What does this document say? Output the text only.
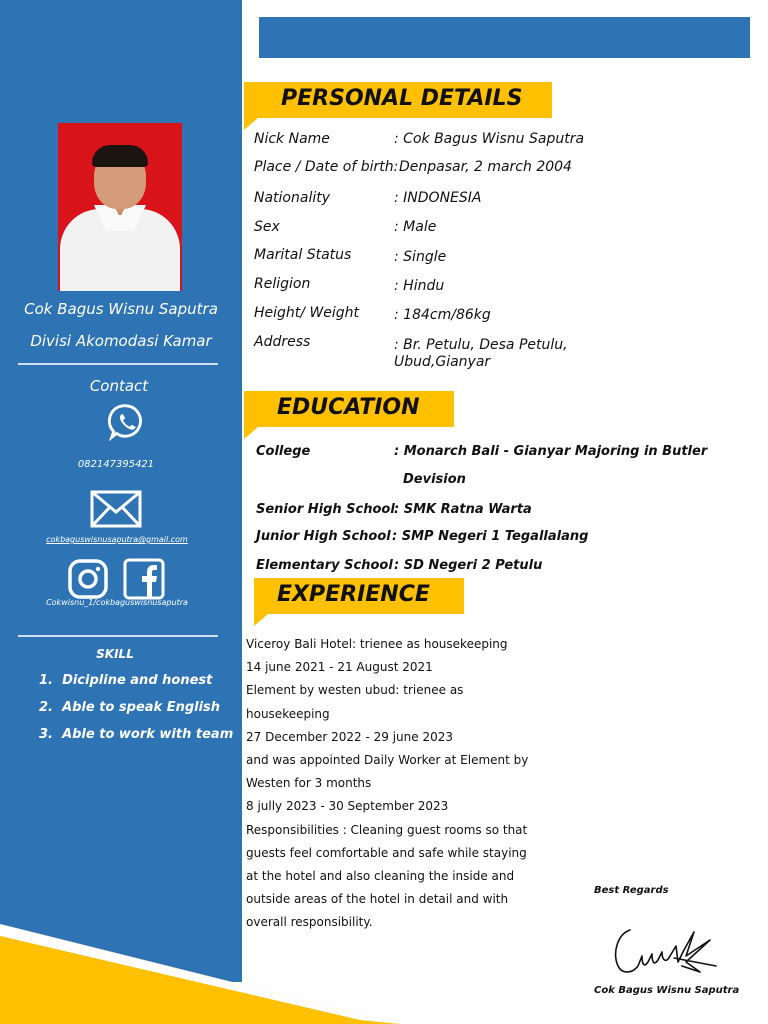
Cok Bagus Wisnu Saputra
Divisi Akomodasi Kamar
Contact
082147395421
cokbaguswisnusaputra@gmail.com
Cokwisnu_1/cokbaguswisnusaputra
SKILL
1. Dicipline and honest
2. Able to speak English
3. Able to work with team
PERSONAL DETAILS
Nick Name	: Cok Bagus Wisnu Saputra
Place / Date of birth: Denpasar, 2 march 2004
Nationality	: INDONESIA
Sex	: Male
Marital Status	: Single
Religion	: Hindu
Height/ Weight : 184cm/86kg
Address	: Br. Petulu, Desa Petulu,
Ubud,Gianyar
EDUCATION
College	: Monarch Bali - Gianyar Majoring in Butler
Devision
Senior High School : SMK Ratna Warta
Junior High School : SMP Negeri 1 Tegallalang
Elementary School : SD Negeri 2 Petulu
EXPERIENCE
Viceroy Bali Hotel: trienee as housekeeping
14 june 2021 - 21 August 2021
Element by westen ubud: trienee as
housekeeping
27 December 2022 - 29 june 2023
and was appointed Daily Worker at Element by
Westen for 3 months
8 jully 2023 - 30 September 2023
Responsibilities : Cleaning guest rooms so that
guests feel comfortable and safe while staying
at the hotel and also cleaning the inside and
outside areas of the hotel in detail and with
overall responsibility.
Best Regards
Cok Bagus Wisnu Saputra
